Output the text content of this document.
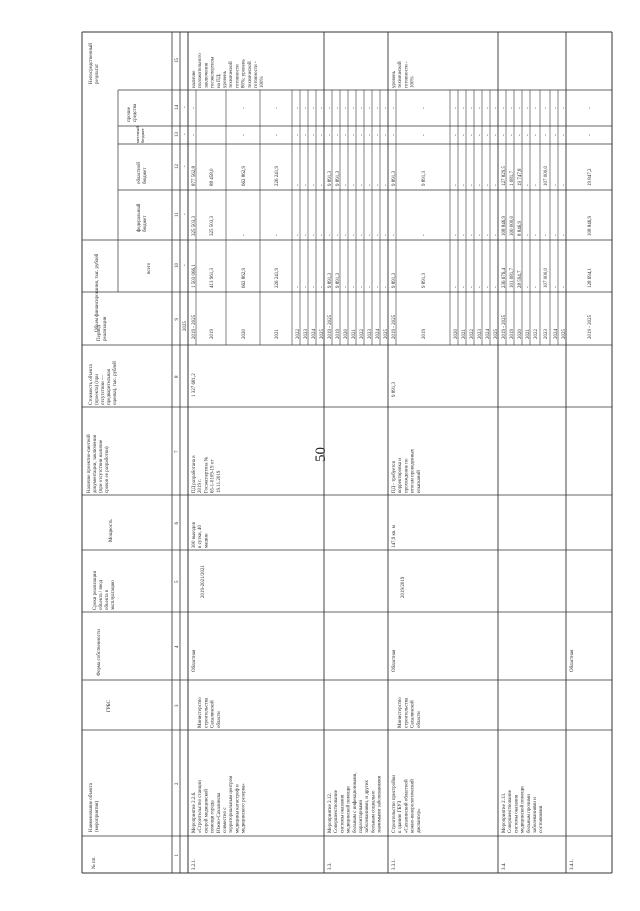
50
№ пп.
Наименование объекта(мероприятия)
ГРБС
Форма собственности
Сроки реализацииобъекта / вводобъекта вэксплуатацию
Мощность
Наличие проектно-сметнойдокументации, заключения(при отсутствии наличиесроков ее разработки)
Стоимость объекта(проекта) (приотсутствии —предварительнаяоценка), тыс. рублей
Периодреализации
Объем финансирования, тыс. рублей	всего
федеральныйбюджет
областнойбюджет
местныйбюджет
прочиесредства
Непосредственныйрезультат
1
2
3
4
5
6
7
8
9
10
11
12
13
14
15
2025
-
-
-
-
-
3.2.1.
Мероприятие 2.2.6.«Строительство станциискорой медицинскойпомощи городаЮжно-Сахалинскасовместно стерриториальным центроммедицины катастроф имедицинского резерва»
МинистерствостроительстваСахалинскойобласти
Областная
2019-2021/2021
300 выездовв сутки, 40машин
ПД разработана в2019 г.Госэкспертиза №65-1-0109-19 от19.11.2019
1 327 681,2
наличиеположительногозаключениягосэкспертизына ПД;уровеньтехническойготовности80%; уровеньтехническойготовности -100%
2019 - 2025
1 503 066,1
325 503,3
877 562,8
-
-
2019
413 961,3
325 503,3
88 458,0
2020
662 862,9
-
662 862,9
-
-
2021
226 241,9
-
226 241,9
-
-
2022
-
-
-
-
-
2023
-
-
-
-
-
2024
-
-
-
-
-
2025
-
-
-
-
-
3.3.
Мероприятие 2.12.Совершенствованиесистемы оказаниямедицинской помощибольным с инфекционными,паразитарнымизаболеваниями, и другихбольным социальнозначимыми заболеваниями
2019 - 2025
9 891,3
-
9 891,3
-
-
2019
9 891,3
-
9 891,3
-
-
2020
-
-
-
-
-
2021
-
-
-
-
-
2022
-
-
-
-
-
2023
-
-
-
-
-
2024
-
-
-
-
-
2025
-
-
-
-
-
3.3.1.
Строительство пристройкик зданию ГБУЗ«Сахалинский областнойкожно-венерологическийдиспансер»
МинистерствостроительстваСахалинскойобласти
Областная
2019/2019
147,9 кв. м
ПД - требуетсякорректировка ипрохождение поитогам проведенныхизысканий
9 891,3
уровеньтехническойготовности -100%
2019 - 2025
9 891,3
-
9 891,3
-
-
2019
9 891,3
-
9 891,3
-
-
2020
-
-
-
-
-
2021
-
-
-
-
-
2022
-
-
-
-
-
2023
-
-
-
-
-
2024
-
-
-
-
-
2025
-
-
-
-
-
3.4.
Мероприятие 2.13.Совершенствованиесистемы оказаниямедицинской помощибольным прочимизаболеваниями исостояниями
2019 - 2025
236 676,4
108 846,9
127 829,5
-
-
2019
101 081,7
100 000,0
1 081,7
-
-
2020
28 594,7
8 846,9
19 747,8
-
-
2021
-
-
-
-
-
2022
-
-
-
-
-
2023
107 000,0
-
107 000,0
-
-
2024
-
-
-
-
-
2025
-
-
-
-
-
3.4.1.
Областная
2019 - 2025
128 694,1
108 846,9
19 847,2
-
-
